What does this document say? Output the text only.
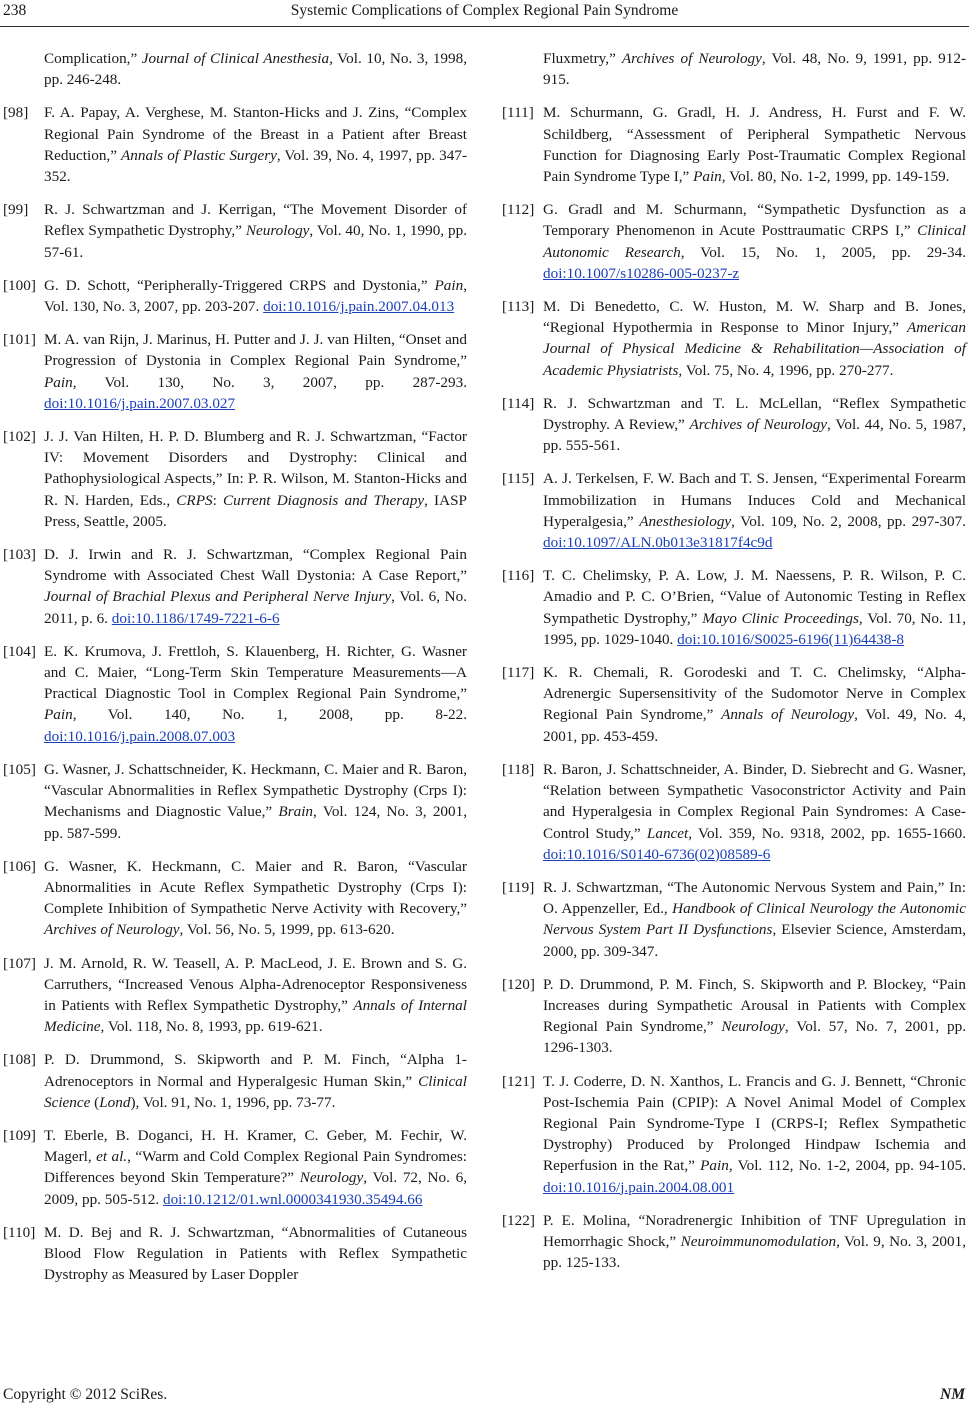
238	Systemic Complications of Complex Regional Pain Syndrome
Complication,” Journal of Clinical Anesthesia, Vol. 10, No. 3, 1998, pp. 246-248.
[98] F. A. Papay, A. Verghese, M. Stanton-Hicks and J. Zins, “Complex Regional Pain Syndrome of the Breast in a Patient after Breast Reduction,” Annals of Plastic Surgery, Vol. 39, No. 4, 1997, pp. 347-352.
[99] R. J. Schwartzman and J. Kerrigan, “The Movement Disorder of Reflex Sympathetic Dystrophy,” Neurology, Vol. 40, No. 1, 1990, pp. 57-61.
[100] G. D. Schott, “Peripherally-Triggered CRPS and Dystonia,” Pain, Vol. 130, No. 3, 2007, pp. 203-207. doi:10.1016/j.pain.2007.04.013
[101] M. A. van Rijn, J. Marinus, H. Putter and J. J. van Hilten, “Onset and Progression of Dystonia in Complex Regional Pain Syndrome,” Pain, Vol. 130, No. 3, 2007, pp. 287-293. doi:10.1016/j.pain.2007.03.027
[102] J. J. Van Hilten, H. P. D. Blumberg and R. J. Schwartzman, “Factor IV: Movement Disorders and Dystrophy: Clinical and Pathophysiological Aspects,” In: P. R. Wilson, M. Stanton-Hicks and R. N. Harden, Eds., CRPS: Current Diagnosis and Therapy, IASP Press, Seattle, 2005.
[103] D. J. Irwin and R. J. Schwartzman, “Complex Regional Pain Syndrome with Associated Chest Wall Dystonia: A Case Report,” Journal of Brachial Plexus and Peripheral Nerve Injury, Vol. 6, No. 2011, p. 6. doi:10.1186/1749-7221-6-6
[104] E. K. Krumova, J. Frettloh, S. Klauenberg, H. Richter, G. Wasner and C. Maier, “Long-Term Skin Temperature Measurements—A Practical Diagnostic Tool in Complex Regional Pain Syndrome,” Pain, Vol. 140, No. 1, 2008, pp. 8-22. doi:10.1016/j.pain.2008.07.003
[105] G. Wasner, J. Schattschneider, K. Heckmann, C. Maier and R. Baron, “Vascular Abnormalities in Reflex Sympathetic Dystrophy (Crps I): Mechanisms and Diagnostic Value,” Brain, Vol. 124, No. 3, 2001, pp. 587-599.
[106] G. Wasner, K. Heckmann, C. Maier and R. Baron, “Vascular Abnormalities in Acute Reflex Sympathetic Dystrophy (Crps I): Complete Inhibition of Sympathetic Nerve Activity with Recovery,” Archives of Neurology, Vol. 56, No. 5, 1999, pp. 613-620.
[107] J. M. Arnold, R. W. Teasell, A. P. MacLeod, J. E. Brown and S. G. Carruthers, “Increased Venous Alpha-Adrenoceptor Responsiveness in Patients with Reflex Sympathetic Dystrophy,” Annals of Internal Medicine, Vol. 118, No. 8, 1993, pp. 619-621.
[108] P. D. Drummond, S. Skipworth and P. M. Finch, “Alpha 1-Adrenoceptors in Normal and Hyperalgesic Human Skin,” Clinical Science (Lond), Vol. 91, No. 1, 1996, pp. 73-77.
[109] T. Eberle, B. Doganci, H. H. Kramer, C. Geber, M. Fechir, W. Magerl, et al., “Warm and Cold Complex Regional Pain Syndromes: Differences beyond Skin Temperature?” Neurology, Vol. 72, No. 6, 2009, pp. 505-512. doi:10.1212/01.wnl.0000341930.35494.66
[110] M. D. Bej and R. J. Schwartzman, “Abnormalities of Cutaneous Blood Flow Regulation in Patients with Reflex Sympathetic Dystrophy as Measured by Laser Doppler
Fluxmetry,” Archives of Neurology, Vol. 48, No. 9, 1991, pp. 912-915.
[111] M. Schurmann, G. Gradl, H. J. Andress, H. Furst and F. W. Schildberg, “Assessment of Peripheral Sympathetic Nervous Function for Diagnosing Early Post-Traumatic Complex Regional Pain Syndrome Type I,” Pain, Vol. 80, No. 1-2, 1999, pp. 149-159.
[112] G. Gradl and M. Schurmann, “Sympathetic Dysfunction as a Temporary Phenomenon in Acute Posttraumatic CRPS I,” Clinical Autonomic Research, Vol. 15, No. 1, 2005, pp. 29-34. doi:10.1007/s10286-005-0237-z
[113] M. Di Benedetto, C. W. Huston, M. W. Sharp and B. Jones, “Regional Hypothermia in Response to Minor Injury,” American Journal of Physical Medicine & Rehabilitation—Association of Academic Physiatrists, Vol. 75, No. 4, 1996, pp. 270-277.
[114] R. J. Schwartzman and T. L. McLellan, “Reflex Sympathetic Dystrophy. A Review,” Archives of Neurology, Vol. 44, No. 5, 1987, pp. 555-561.
[115] A. J. Terkelsen, F. W. Bach and T. S. Jensen, “Experimental Forearm Immobilization in Humans Induces Cold and Mechanical Hyperalgesia,” Anesthesiology, Vol. 109, No. 2, 2008, pp. 297-307. doi:10.1097/ALN.0b013e31817f4c9d
[116] T. C. Chelimsky, P. A. Low, J. M. Naessens, P. R. Wilson, P. C. Amadio and P. C. O’Brien, “Value of Autonomic Testing in Reflex Sympathetic Dystrophy,” Mayo Clinic Proceedings, Vol. 70, No. 11, 1995, pp. 1029-1040. doi:10.1016/S0025-6196(11)64438-8
[117] K. R. Chemali, R. Gorodeski and T. C. Chelimsky, “Alpha-Adrenergic Supersensitivity of the Sudomotor Nerve in Complex Regional Pain Syndrome,” Annals of Neurology, Vol. 49, No. 4, 2001, pp. 453-459.
[118] R. Baron, J. Schattschneider, A. Binder, D. Siebrecht and G. Wasner, “Relation between Sympathetic Vasoconstrictor Activity and Pain and Hyperalgesia in Complex Regional Pain Syndromes: A Case-Control Study,” Lancet, Vol. 359, No. 9318, 2002, pp. 1655-1660. doi:10.1016/S0140-6736(02)08589-6
[119] R. J. Schwartzman, “The Autonomic Nervous System and Pain,” In: O. Appenzeller, Ed., Handbook of Clinical Neurology the Autonomic Nervous System Part II Dysfunctions, Elsevier Science, Amsterdam, 2000, pp. 309-347.
[120] P. D. Drummond, P. M. Finch, S. Skipworth and P. Blockey, “Pain Increases during Sympathetic Arousal in Patients with Complex Regional Pain Syndrome,” Neurology, Vol. 57, No. 7, 2001, pp. 1296-1303.
[121] T. J. Coderre, D. N. Xanthos, L. Francis and G. J. Bennett, “Chronic Post-Ischemia Pain (CPIP): A Novel Animal Model of Complex Regional Pain Syndrome-Type I (CRPS-I; Reflex Sympathetic Dystrophy) Produced by Prolonged Hindpaw Ischemia and Reperfusion in the Rat,” Pain, Vol. 112, No. 1-2, 2004, pp. 94-105. doi:10.1016/j.pain.2004.08.001
[122] P. E. Molina, “Noradrenergic Inhibition of TNF Upregulation in Hemorrhagic Shock,” Neuroimmunomodulation, Vol. 9, No. 3, 2001, pp. 125-133.
Copyright © 2012 SciRes.	NM
